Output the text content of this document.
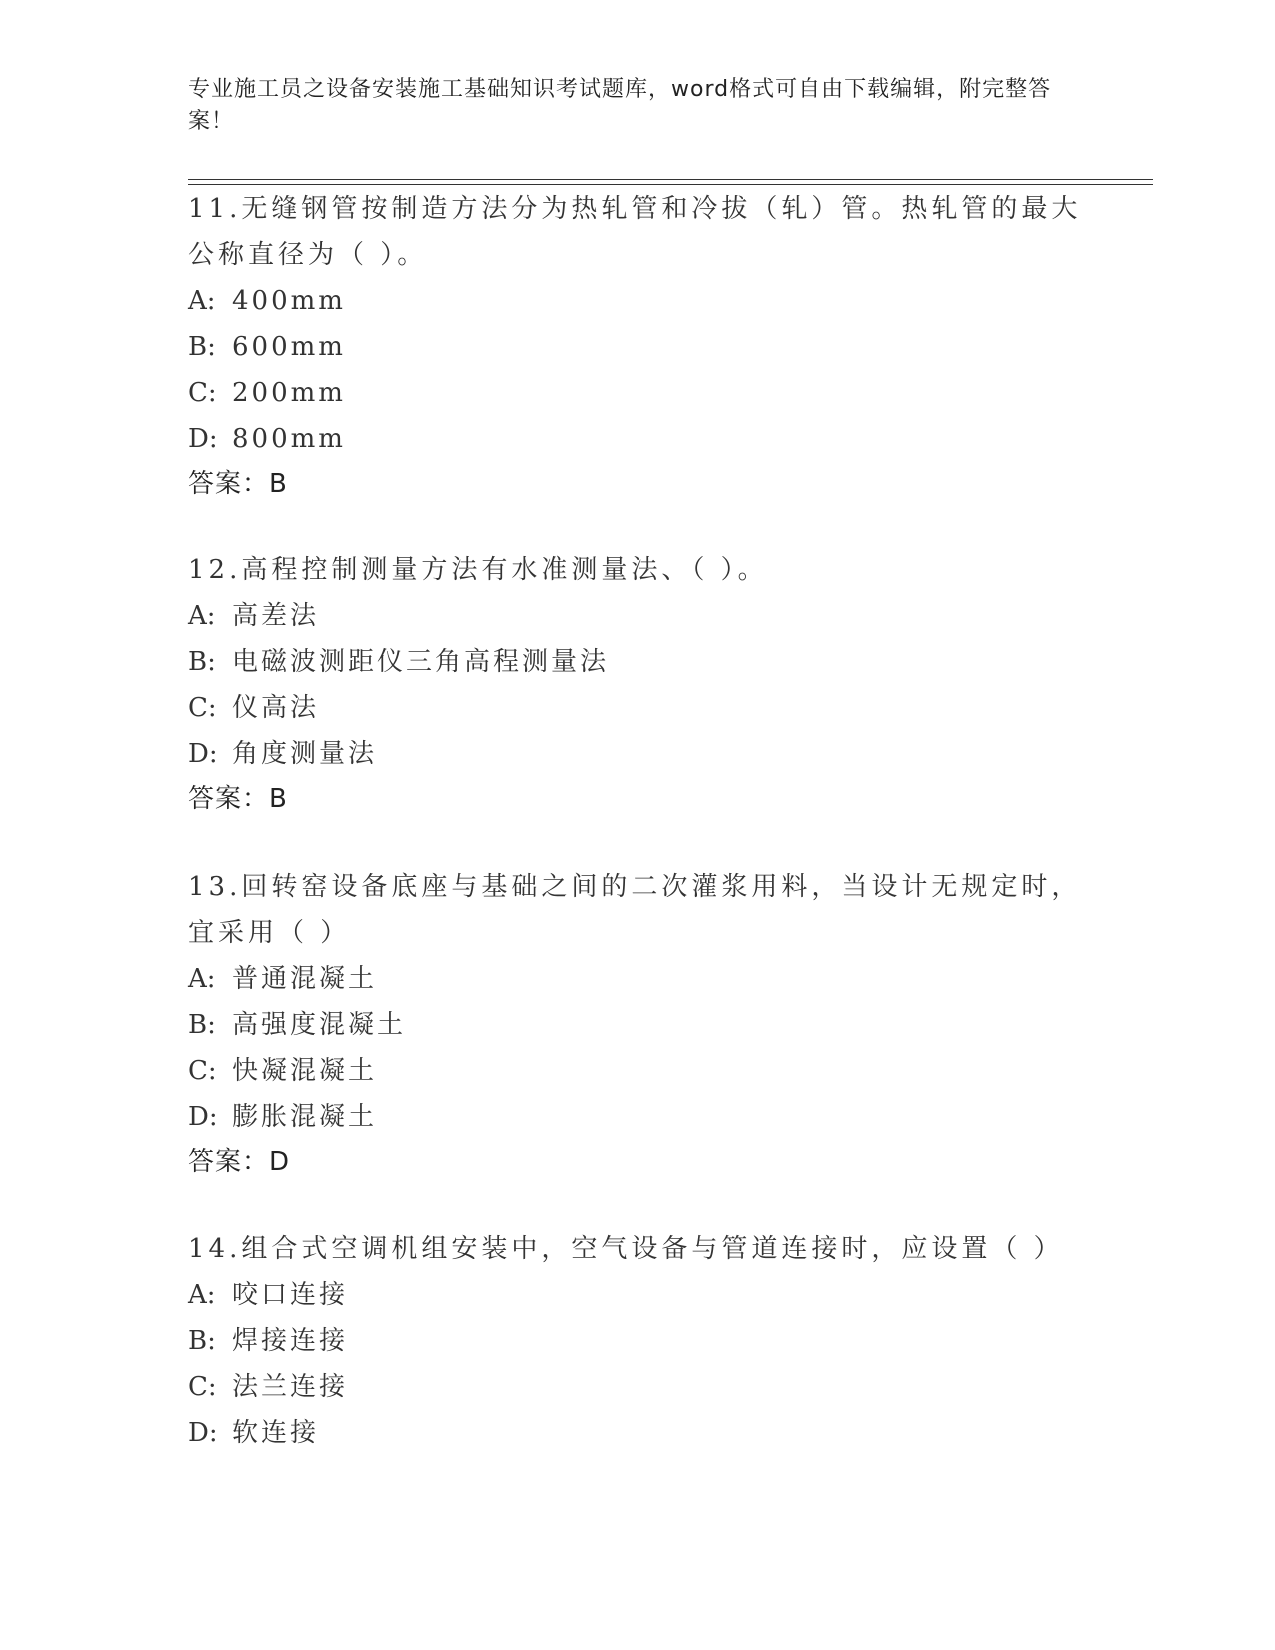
专业施工员之设备安装施工基础知识考试题库，word格式可自由下载编辑，附完整答案！

11.无缝钢管按制造方法分为热轧管和冷拔（轧）管。热轧管的最大公称直径为（ ）。

A: 400mm
B: 600mm
C: 200mm
D: 800mm
答案：B

12.高程控制测量方法有水准测量法、（ ）。

A: 高差法
B: 电磁波测距仪三角高程测量法
C: 仪高法
D: 角度测量法
答案：B

13.回转窑设备底座与基础之间的二次灌浆用料，当设计无规定时，宜采用（ ）

A: 普通混凝土
B: 高强度混凝土
C: 快凝混凝土
D: 膨胀混凝土
答案：D

14.组合式空调机组安装中，空气设备与管道连接时，应设置（ ）

A: 咬口连接
B: 焊接连接
C: 法兰连接
D: 软连接
